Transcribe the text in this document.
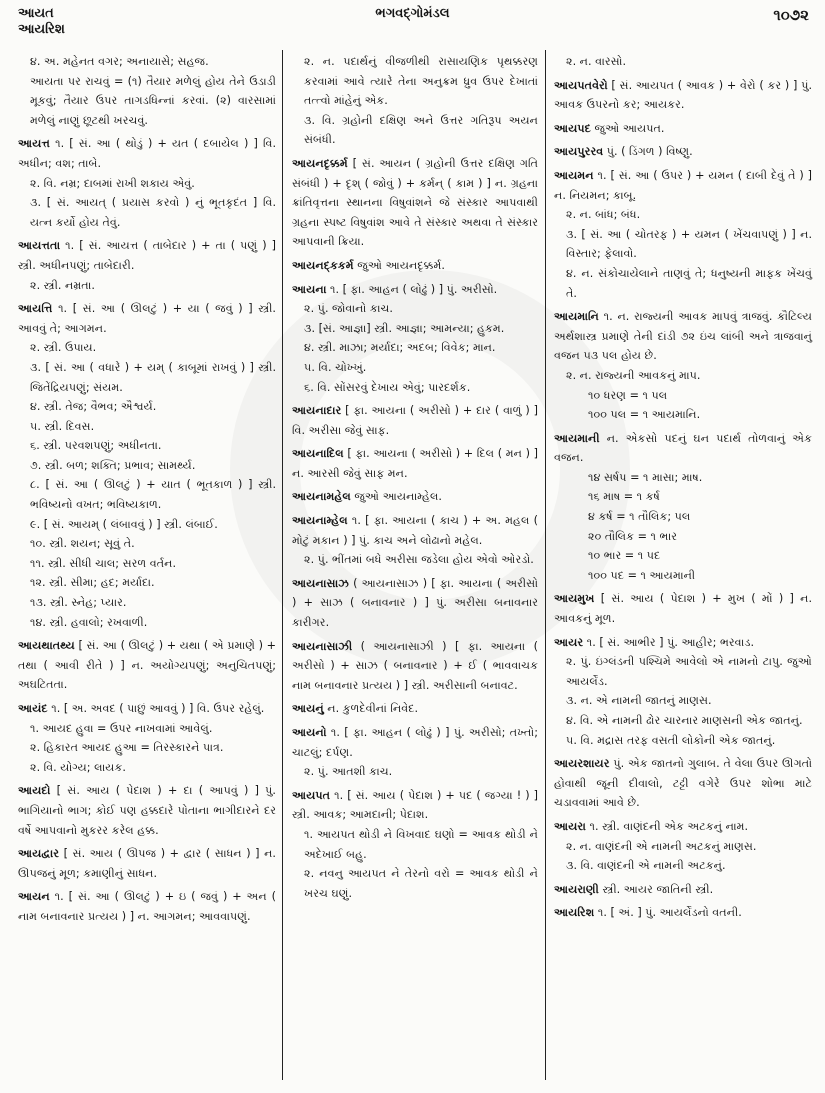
આયત
આયરિશ
ભગવદ્ગોમંડલ	૧૦૭૨
૪. અ. મહેનત વગર; અનાયાસે; સહજ.
આયતા પર રાચવું = (૧) તૈયાર મળેલું હોય તેને ઉડાડી મૂકવું; તૈયાર ઉપર તાગડધિન્નાં કરવાં. (૨) વારસામાં મળેલું નાણું છૂટથી ખરચવું.
આયત્ત ૧. [ સં. આ ( થોડું ) + યત ( દબાયેલ ) ] વિ. અધીન; વશ; તાબે.
૨. વિ. નમ્ર; દાબમાં રાખી શકાય એવું.
૩. [ સં. આયત્ ( પ્રયાસ કરવો ) નું ભૂતકૃદંત ] વિ. યત્ન કર્યો હોય તેવું.
આયત્તતા ૧. [ સં. આયત્ત ( તાબેદાર ) + તા ( પણું ) ] સ્ત્રી. અધીનપણું; તાબેદારી.
૨. સ્ત્રી. નમ્રતા.
આયત્તિ ૧. [ સં. આ ( ઊલટું ) + યા ( જવું ) ] સ્ત્રી. આવવું તે; આગમન.
૨. સ્ત્રી. ઉપાય.
૩. [ સં. આ ( વધારે ) + યમ્ ( કાબૂમાં રાખવું ) ] સ્ત્રી. જિતેંદ્રિયપણું; સંયમ.
૪. સ્ત્રી. તેજ; વૈભવ; ઐશ્વર્ય.
૫. સ્ત્રી. દિવસ.
૬. સ્ત્રી. પરવશપણું; અધીનતા.
૭. સ્ત્રી. બળ; શક્તિ; પ્રભાવ; સામર્થ્ય.
૮. [ સં. આ ( ઊલટું ) + યાત ( ભૂતકાળ ) ] સ્ત્રી. ભવિષ્યનો વખત; ભવિષ્યકાળ.
૯. [ સં. આયમ્ ( લંબાવવું ) ] સ્ત્રી. લંબાઈ.
૧૦. સ્ત્રી. શયન; સૂવું તે.
૧૧. સ્ત્રી. સીધી ચાલ; સરળ વર્તન.
૧૨. સ્ત્રી. સીમા; હદ; મર્યાદા.
૧૩. સ્ત્રી. સ્નેહ; પ્યાર.
૧૪. સ્ત્રી. હવાલો; રખવાળી.
આયથાતથ્ય [ સં. આ ( ઊલટું ) + યથા ( એ પ્રમાણે ) + તથા ( આવી રીતે ) ] ન. અયોગ્યપણું; અનુચિતપણું; અઘટિતતા.
આયંદ ૧. [ અ. અવદ ( પાછું આવવું ) ] વિ. ઉપર રહેલું.
૧. આયદ હુવા = ઉપર નાખવામાં આવેલું.
૨. હિકારત આયદ હુઆ = તિરસ્કારને પાત્ર.
૨. વિ. યોગ્ય; લાયક.
આયદો [ સં. આય ( પેદાશ ) + દા ( આપવું ) ] પું. ભાગિયાનો ભાગ; કોઈ પણ હક્કદારે પોતાના ભાગીદારને દર વર્ષે આપવાનો મુકરર કરેલ હક્ક.
આયદ્વાર [ સં. આય ( ઊપજ ) + દ્વાર ( સાધન ) ] ન. ઊપજનું મૂળ; કમાણીનું સાધન.
આયન ૧. [ સં. આ ( ઊલટું ) + ઇ ( જવું ) + અન ( નામ બનાવનાર પ્રત્યય ) ] ન. આગમન; આવવાપણું.
૨. ન. પદાર્થનું વીજળીથી રાસાયણિક પૃથક્કરણ કરવામાં આવે ત્યારે તેના અનુક્રમ ધ્રુવ ઉપર દેખાતાં તત્ત્વો માંહેનું એક.
૩. વિ. ગ્રહોની દક્ષિણ અને ઉત્તર ગતિરૂપ અયન સંબંધી.
આયનદૃક્કર્મ [ સં. આયન ( ગ્રહોની ઉત્તર દક્ષિણ ગતિ સંબંધી ) + દૃશ્ ( જોવું ) + કર્મન્ ( કામ ) ] ન. ગ્રહના ક્રાંતિવૃત્તના સ્થાનના વિષુવાંશને જે સંસ્કાર આપવાથી ગ્રહના સ્પષ્ટ વિષુવાંશ આવે તે સંસ્કાર અથવા તે સંસ્કાર આપવાની ક્રિયા.
આયનદ્કકર્મ જુઓ આયનદૃક્કર્મ.
આયના ૧. [ ફા. આહન ( લોઢું ) ] પું. અરીસો.
૨. પું. જોવાનો કાચ.
૩. [સં. આજ્ઞા] સ્ત્રી. આજ્ઞા; આમન્યા; હુકમ.
૪. સ્ત્રી. માઝા; મર્યાદા; અદબ; વિવેક; માન.
૫. વિ. ચોખ્ખું.
૬. વિ. સોંસરવું દેખાય એવું; પારદર્શક.
આયનાદાર [ ફા. આયના ( અરીસો ) + દાર ( વાળું ) ] વિ. અરીસા જેવું સાફ.
આયનાદિલ [ ફા. આયના ( અરીસો ) + દિલ ( મન ) ] ન. આરસી જેવું સાફ મન.
આયનામહેલ જુઓ આયનામ્હેલ.
આયનામ્હેલ ૧. [ ફા. આયના ( કાચ ) + અ. મહલ ( મોટું મકાન ) ] પું. કાચ અને લોઢાનો મહેલ.
૨. પું. ભીંતમાં બધે અરીસા જડેલા હોય એવો ઓરડો.
આયનાસાઝ ( આયનાસાઝ ) [ ફા. આયના ( અરીસો ) + સાઝ ( બનાવનાર ) ] પું. અરીસા બનાવનાર કારીગર.
આયનાસાઝી ( આયનાસાઝી ) [ ફા. આયના ( અરીસો ) + સાઝ ( બનાવનાર ) + ઈ ( ભાવવાચક નામ બનાવનાર પ્રત્યય ) ] સ્ત્રી. અરીસાની બનાવટ.
આયનું ન. કુળદેવીનાં નિવેદ.
આયનો ૧. [ ફા. આહન ( લોઢું ) ] પું. અરીસો; તખ્તો; ચાટલું; દર્પણ.
૨. પું. આતશી કાચ.
આયપત ૧. [ સં. આય ( પેદાશ ) + પદ ( જગ્યા ! ) ] સ્ત્રી. આવક; આમદાની; પેદાશ.
૧. આયપત થોડી ને વિખવાદ ઘણો = આવક થોડી ને અદેખાઈ બહુ.
૨. નવનુ આયપત ને તેરનો વરો = આવક થોડી ને ખરચ ઘણું.
૨. ન. વારસો.
આયપતવેરો [ સં. આયપત ( આવક ) + વેરો ( કર ) ] પું. આવક ઉપરનો કર; આયકર.
આયપદ જુઓ આયપત.
આયપુરરવ પું. ( ડિંગળ ) વિષ્ણુ.
આયમન ૧. [ સં. આ ( ઉપર ) + યમન ( દાબી દેવું તે ) ] ન. નિયમન; કાબૂ.
૨. ન. બાંધ; બંધ.
૩. [ સં. આ ( ચોતરફ ) + યમન ( ખેંચવાપણું ) ] ન. વિસ્તાર; ફેલાવો.
૪. ન. સંકોચાયેલાને તાણવું તે; ધનુષ્યની માફક ખેંચવું તે.
આયમાનિ ૧. ન. રાજ્યની આવક માપવું ત્રાજવું. કૌટિલ્ય અર્થશાસ્ત્ર પ્રમાણે તેની દાંડી ૭૨ ઇંચ લાંબી અને ત્રાજવાનું વજન ૫૩ પલ હોય છે.
૨. ન. રાજ્યની આવકનું માપ.
૧૦ ધરણ = ૧ પલ
૧૦૦ પલ = ૧ આયમાનિ.
આયમાની ન. એકસો પદનું ઘન પદાર્થ તોળવાનું એક વજન.
૧૪ સર્ષપ = ૧ માસા; માષ.
૧૬ માષ = ૧ કર્ષ
૪ કર્ષ = ૧ તૌલિક; પલ
૨૦ તૌલિક = ૧ ભાર
૧૦ ભાર = ૧ પદ
૧૦૦ પદ = ૧ આયમાની
આયમુખ [ સં. આય ( પેદાશ ) + મુખ ( મોં ) ] ન. આવકનું મૂળ.
આયર ૧. [ સં. આભીર ] પું. આહીર; ભરવાડ.
૨. પું. ઇંગ્લંડની પશ્ચિમે આવેલો એ નામનો ટાપુ. જુઓ આયર્લેંડ.
૩. ન. એ નામની જાતનું માણસ.
૪. વિ. એ નામની ઢોર ચારનાર માણસની એક જાતનું.
૫. વિ. મદ્રાસ તરફ વસતી લોકોની એક જાતનું.
આયરશાયર પું. એક જાતનો ગુલાબ. તે વેલા ઉપર ઊગતો હોવાથી જૂની દીવાલો, ટટ્ટી વગેરે ઉપર શોભા માટે ચડાવવામાં આવે છે.
આયરા ૧. સ્ત્રી. વાણંદની એક અટકનું નામ.
૨. ન. વાણંદની એ નામની અટકનું માણસ.
૩. વિ. વાણંદની એ નામની અટકનું.
આયરાણી સ્ત્રી. આયર જાતિની સ્ત્રી.
આયરિશ ૧. [ અં. ] પું. આયર્લેંડનો વતની.
